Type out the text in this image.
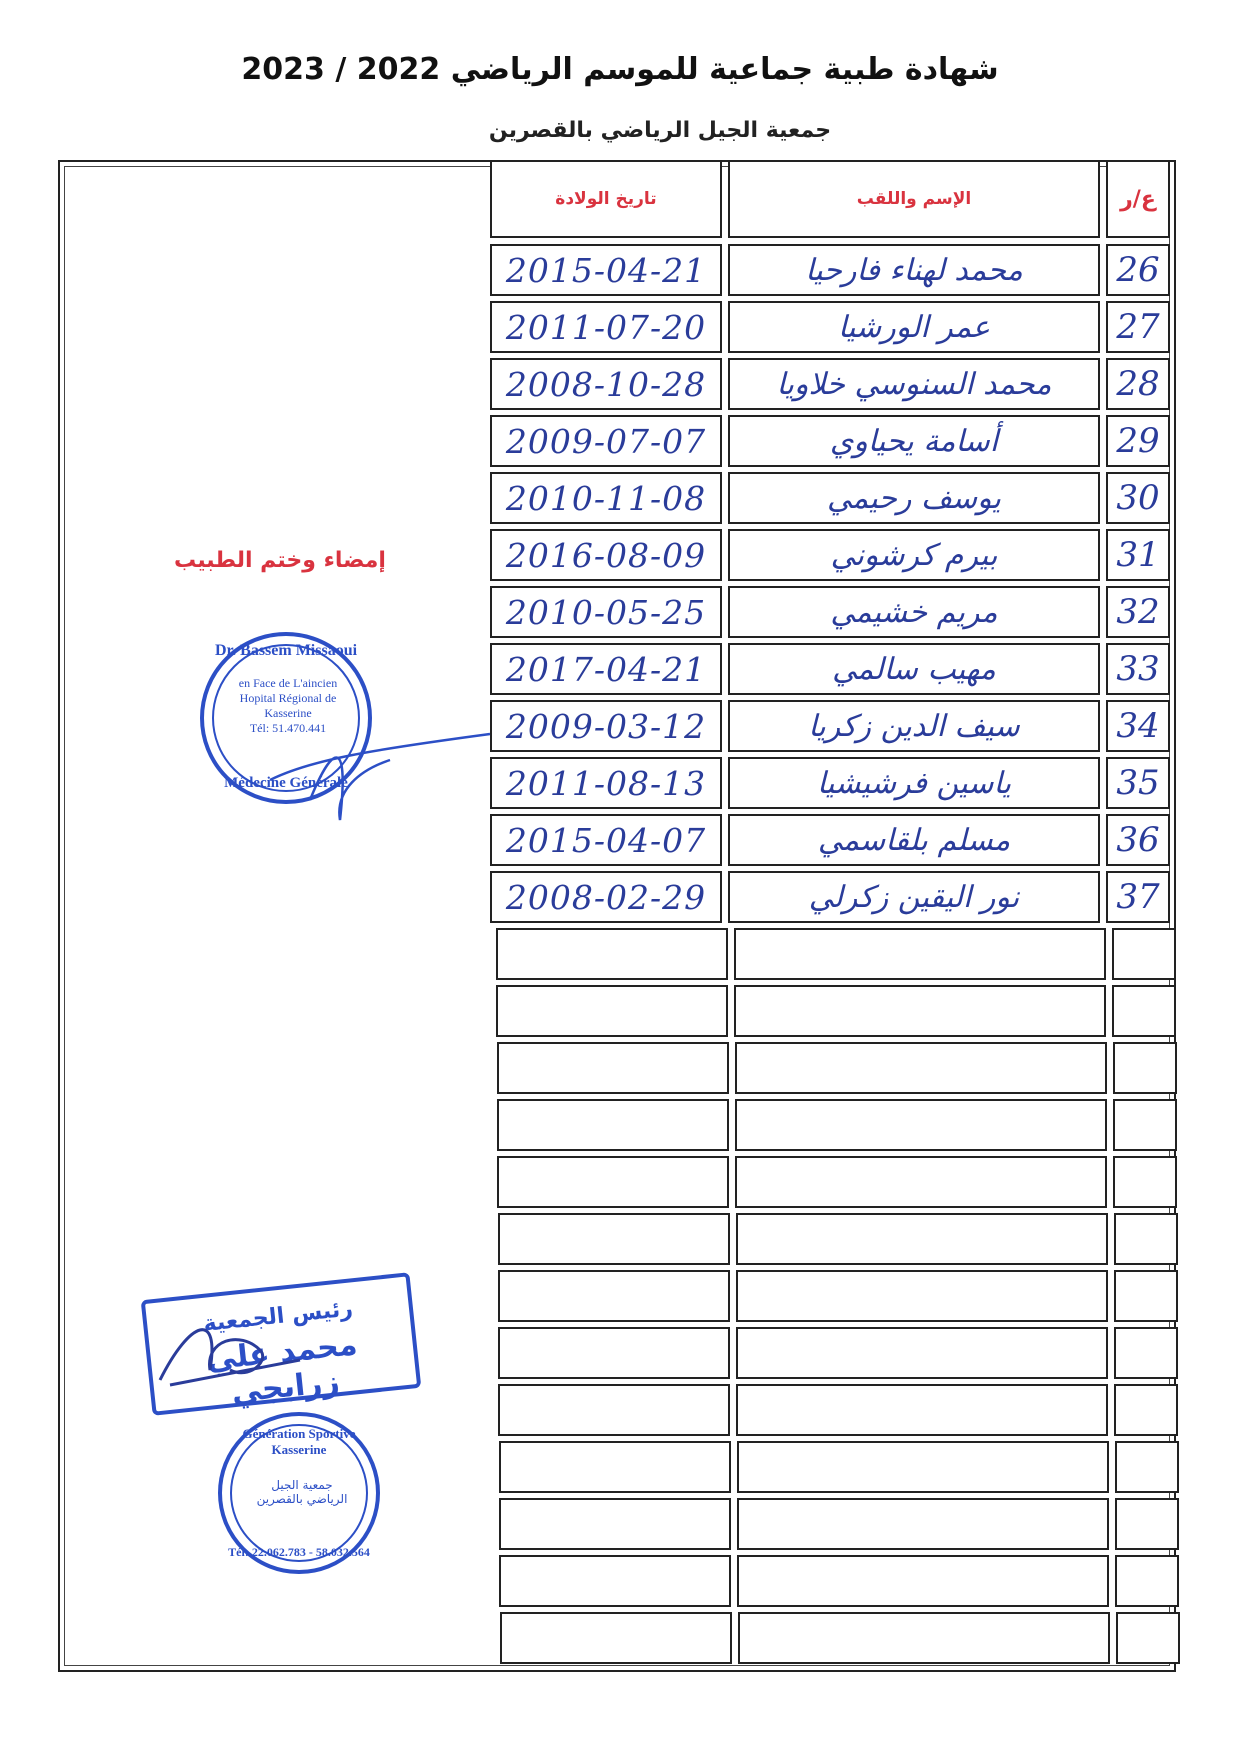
شهادة طبية جماعية للموسم الرياضي 2022 / 2023
جمعية الجيل الرياضي بالقصرين
إمضاء وختم الطبيب
تاريخ الولادة	الإسم واللقب	ع/ر
2015-04-21	محمد لهناء فارحيا	26
2011-07-20	عمر الورشيا	27
2008-10-28	محمد السنوسي خلاويا	28
2009-07-07	أسامة يحياوي	29
2010-11-08	يوسف رحيمي	30
2016-08-09	بيرم كرشوني	31
2010-05-25	مريم خشيمي	32
2017-04-21	مهيب سالمي	33
2009-03-12	سيف الدين زكريا	34
2011-08-13	ياسين فرشيشيا	35
2015-04-07	مسلم بلقاسمي	36
2008-02-29	نور اليقين زكرلي	37
Dr. Bassem Missaoui
en Face de L'aincien Hopital Régional de Kasserine
Tél: 51.470.441
Médecine Générale
رئيس الجمعية
محمد علي زرابجي
Génération Sportive Kasserine
جمعية الجيل الرياضي بالقصرين
Tél: 22.062.783 - 58.032.564
